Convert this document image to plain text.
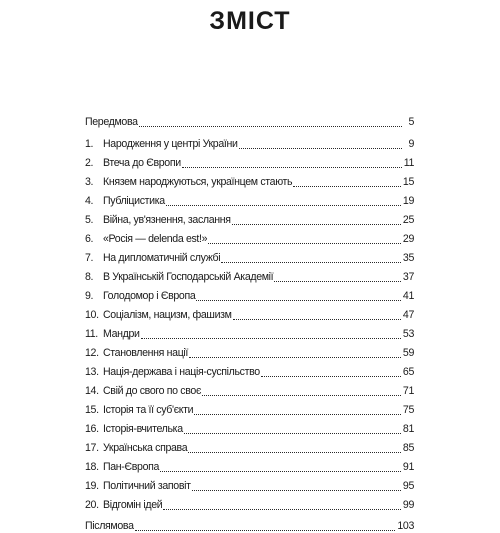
ЗМІСТ
Передмова	5
1. Народження у центрі України	9
2. Втеча до Європи	11
3. Князем народжуються, українцем стають	15
4. Публіцистика	19
5. Війна, ув'язнення, заслання	25
6. «Росія — delenda est!»	29
7. На дипломатичній службі	35
8. В Українській Господарській Академії	37
9. Голодомор і Європа	41
10. Соціалізм, нацизм, фашизм	47
11. Мандри	53
12. Становлення нації	59
13. Нація-держава і нація-суспільство	65
14. Свій до свого по своє	71
15. Історія та її суб'єкти	75
16. Історія-вчителька	81
17. Українська справа	85
18. Пан-Європа	91
19. Політичний заповіт	95
20. Відгомін ідей	99
Післямова	103
